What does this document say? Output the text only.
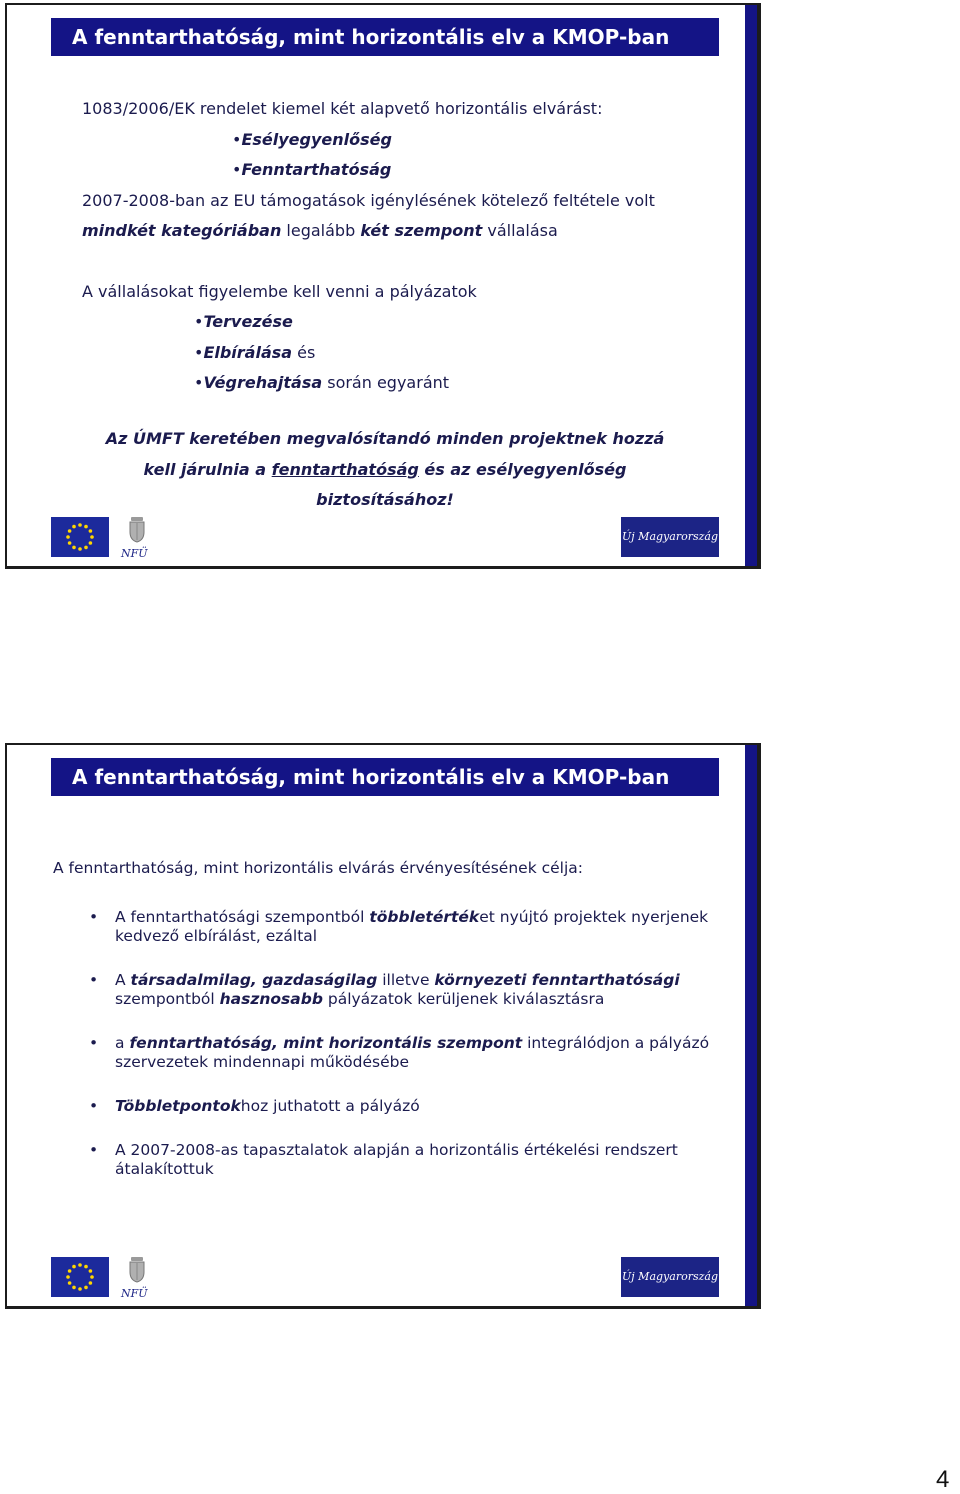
A fenntarthatóság, mint horizontális elv a KMOP-ban

1083/2006/EK rendelet kiemel két alapvető horizontális elvárást:

•Esélyegyenlőség

•Fenntarthatóság

2007-2008-ban az EU támogatások igénylésének kötelező feltétele volt

mindkét kategóriában legalább két szempont vállalása

A vállalásokat figyelembe kell venni a pályázatok

•Tervezése

•Elbírálása és

•Végrehajtása során egyaránt

Az ÚMFT keretében megvalósítandó minden projektnek hozzá

kell járulnia a fenntarthatóság és az esélyegyenlőség

biztosításához!

NFÜ
Új Magyarország
A fenntarthatóság, mint horizontális elv a KMOP-ban

A fenntarthatóság, mint horizontális elvárás érvényesítésének célja:

• A fenntarthatósági szempontból többletértéket nyújtó projektek nyerjenek kedvező elbírálást, ezáltal
• A társadalmilag, gazdaságilag illetve környezeti fenntarthatósági szempontból hasznosabb pályázatok kerüljenek kiválasztásra
• a fenntarthatóság, mint horizontális szempont integrálódjon a pályázó szervezetek mindennapi működésébe
• Többletpontokhoz juthatott a pályázó
• A 2007-2008-as tapasztalatok alapján a horizontális értékelési rendszert átalakítottuk
NFÜ
Új Magyarország
4
